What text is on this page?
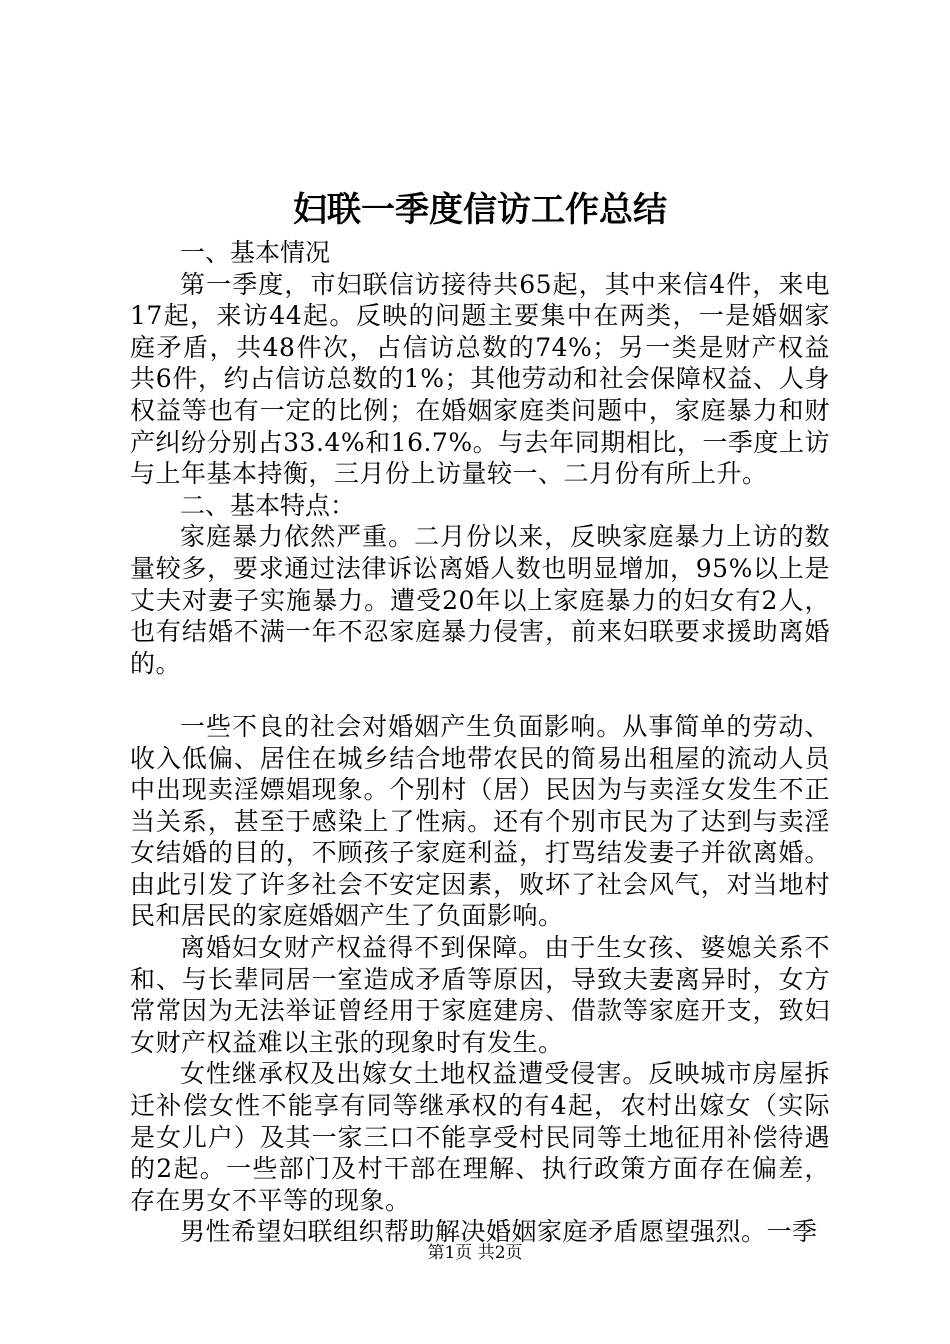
妇联一季度信访工作总结

一、基本情况

第一季度，市妇联信访接待共65起，其中来信4件，来电17起，来访44起。反映的问题主要集中在两类，一是婚姻家庭矛盾，共48件次，占信访总数的74%；另一类是财产权益共6件，约占信访总数的1%；其他劳动和社会保障权益、人身权益等也有一定的比例；在婚姻家庭类问题中，家庭暴力和财产纠纷分别占33.4%和16.7%。与去年同期相比，一季度上访与上年基本持衡，三月份上访量较一、二月份有所上升。

二、基本特点：

家庭暴力依然严重。二月份以来，反映家庭暴力上访的数量较多，要求通过法律诉讼离婚人数也明显增加，95%以上是丈夫对妻子实施暴力。遭受20年以上家庭暴力的妇女有2人，也有结婚不满一年不忍家庭暴力侵害，前来妇联要求援助离婚的。

一些不良的社会对婚姻产生负面影响。从事简单的劳动、收入低偏、居住在城乡结合地带农民的简易出租屋的流动人员中出现卖淫嫖娼现象。个别村（居）民因为与卖淫女发生不正当关系，甚至于感染上了性病。还有个别市民为了达到与卖淫女结婚的目的，不顾孩子家庭利益，打骂结发妻子并欲离婚。由此引发了许多社会不安定因素，败坏了社会风气，对当地村民和居民的家庭婚姻产生了负面影响。

离婚妇女财产权益得不到保障。由于生女孩、婆媳关系不和、与长辈同居一室造成矛盾等原因，导致夫妻离异时，女方常常因为无法举证曾经用于家庭建房、借款等家庭开支，致妇女财产权益难以主张的现象时有发生。

女性继承权及出嫁女土地权益遭受侵害。反映城市房屋拆迁补偿女性不能享有同等继承权的有4起，农村出嫁女（实际是女儿户）及其一家三口不能享受村民同等土地征用补偿待遇的2起。一些部门及村干部在理解、执行政策方面存在偏差，存在男女不平等的现象。

男性希望妇联组织帮助解决婚姻家庭矛盾愿望强烈。一季

第1页 共2页
